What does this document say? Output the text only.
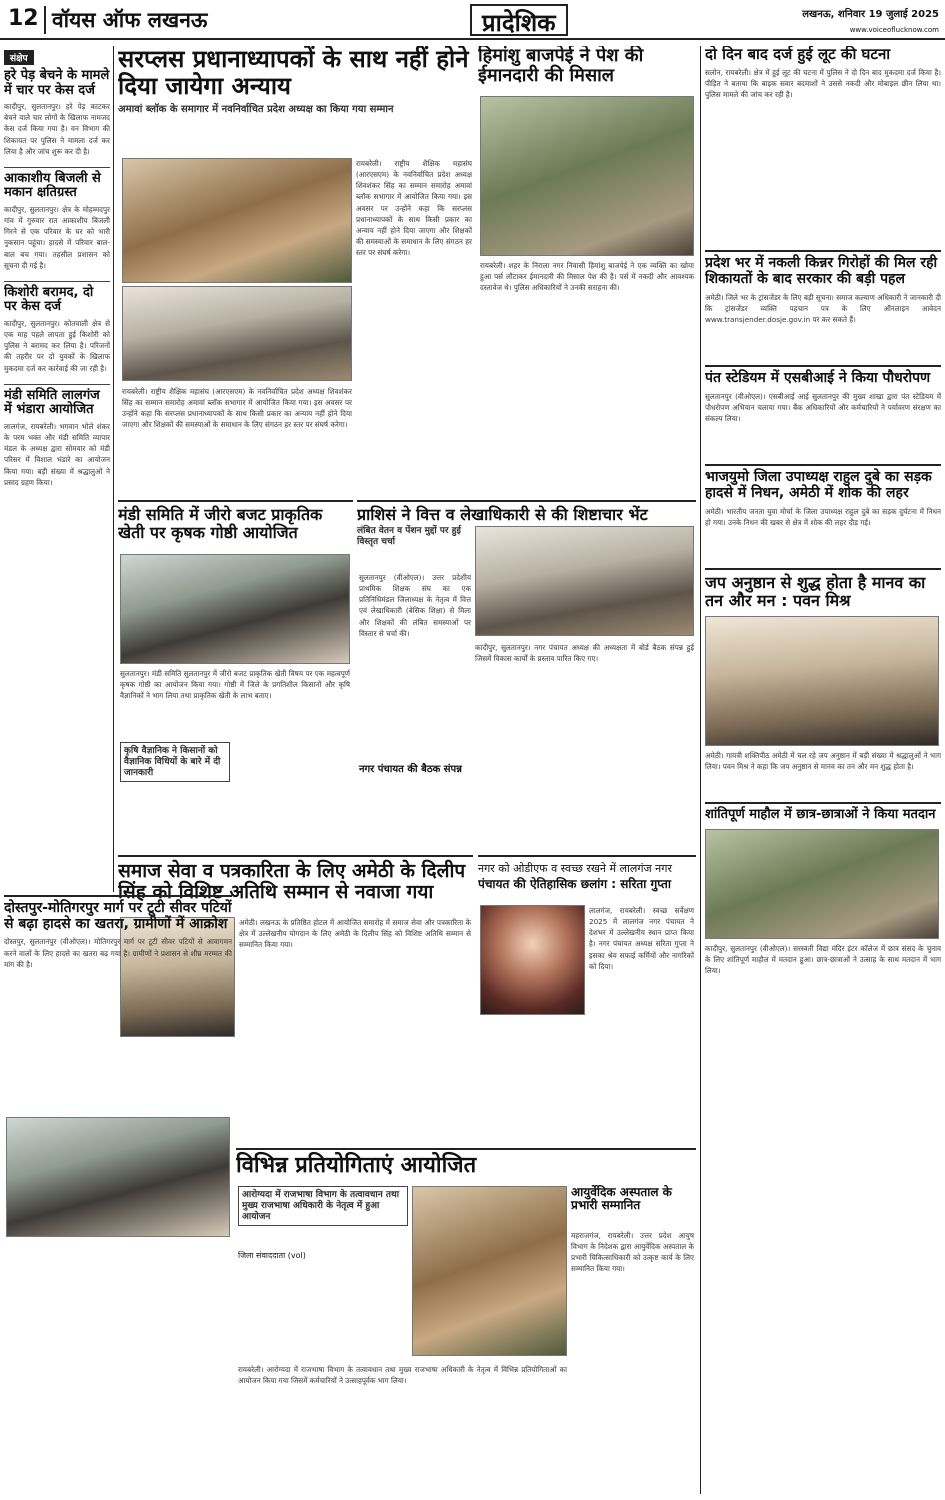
12 वॉयस ऑफ लखनऊ	प्रादेशिक	लखनऊ, शनिवार 19 जुलाई 2025
www.voiceoflucknow.com
संक्षेप
हरे पेड़ बेचने के मामले में चार पर केस दर्ज
कादीपुर, सुलतानपुर। हरे पेड़ काटकर बेचने वाले चार लोगों के खिलाफ नामजद केस दर्ज किया गया है। वन विभाग की शिकायत पर पुलिस ने मामला दर्ज कर लिया है और जांच शुरू कर दी है।
आकाशीय बिजली से मकान क्षतिग्रस्त
कादीपुर, सुलतानपुर। क्षेत्र के मोहम्मदपुर गांव में गुरुवार रात आकाशीय बिजली गिरने से एक परिवार के घर को भारी नुकसान पहुंचा। हादसे में परिवार बाल-बाल बच गया। तहसील प्रशासन को सूचना दी गई है।
किशोरी बरामद, दो पर केस दर्ज
कादीपुर, सुलतानपुर। कोतवाली क्षेत्र से एक माह पहले लापता हुई किशोरी को पुलिस ने बरामद कर लिया है। परिजनों की तहरीर पर दो युवकों के खिलाफ मुकदमा दर्ज कर कार्रवाई की जा रही है।
मंडी समिति लालगंज में भंडारा आयोजित
लालगंज, रायबरेली। भगवान भोले शंकर के परम भक्त और मंडी समिति व्यापार मंडल के अध्यक्ष द्वारा सोमवार को मंडी परिसर में विशाल भंडारे का आयोजन किया गया। बड़ी संख्या में श्रद्धालुओं ने प्रसाद ग्रहण किया।
सरप्लस प्रधानाध्यापकों के साथ नहीं होने दिया जायेगा अन्याय
अमावां ब्लॉक के समागार में नवनिर्वाचित प्रदेश अध्यक्ष का किया गया सम्मान
रायबरेली। राष्ट्रीय शैक्षिक महासंघ (आरएसएम) के नवनिर्वाचित प्रदेश अध्यक्ष शिवशंकर सिंह का सम्मान समारोह अमावां ब्लॉक सभागार में आयोजित किया गया। इस अवसर पर उन्होंने कहा कि सरप्लस प्रधानाध्यापकों के साथ किसी प्रकार का अन्याय नहीं होने दिया जाएगा और शिक्षकों की समस्याओं के समाधान के लिए संगठन हर स्तर पर संघर्ष करेगा।
रायबरेली। राष्ट्रीय शैक्षिक महासंघ (आरएसएम) के नवनिर्वाचित प्रदेश अध्यक्ष शिवशंकर सिंह का सम्मान समारोह अमावां ब्लॉक सभागार में आयोजित किया गया। इस अवसर पर उन्होंने कहा कि सरप्लस प्रधानाध्यापकों के साथ किसी प्रकार का अन्याय नहीं होने दिया जाएगा और शिक्षकों की समस्याओं के समाधान के लिए संगठन हर स्तर पर संघर्ष करेगा।
मंडी समिति में जीरो बजट प्राकृतिक खेती पर कृषक गोष्ठी आयोजित
सुलतानपुर। मंडी समिति सुलतानपुर में जीरो बजट प्राकृतिक खेती विषय पर एक महत्वपूर्ण कृषक गोष्ठी का आयोजन किया गया। गोष्ठी में जिले के प्रगतिशील किसानों और कृषि वैज्ञानिकों ने भाग लिया तथा प्राकृतिक खेती के लाभ बताए।
कृषि वैज्ञानिक ने किसानों को वैज्ञानिक विधियों के बारे में दी जानकारी
समाज सेवा व पत्रकारिता के लिए अमेठी के दिलीप सिंह को विशिष्ट अतिथि सम्मान से नवाजा गया
अमेठी। लखनऊ के प्रतिष्ठित होटल में आयोजित समारोह में समाज सेवा और पत्रकारिता के क्षेत्र में उल्लेखनीय योगदान के लिए अमेठी के दिलीप सिंह को विशिष्ट अतिथि सम्मान से सम्मानित किया गया।
हिमांशु बाजपेई ने पेश की ईमानदारी की मिसाल
रायबरेली। शहर के निराला नगर निवासी हिमांशु बाजपेई ने एक व्यक्ति का खोया हुआ पर्स लौटाकर ईमानदारी की मिसाल पेश की है। पर्स में नकदी और आवश्यक दस्तावेज थे। पुलिस अधिकारियों ने उनकी सराहना की।
प्राशिसं ने वित्त व लेखाधिकारी से की शिष्टाचार भेंट
लंबित वेतन व पेंशन मुद्दों पर हुई विस्तृत चर्चा
सुलतानपुर (वीओएल)। उत्तर प्रदेशीय प्राथमिक शिक्षक संघ का एक प्रतिनिधिमंडल जिलाध्यक्ष के नेतृत्व में वित्त एवं लेखाधिकारी (बेसिक शिक्षा) से मिला और शिक्षकों की लंबित समस्याओं पर विस्तार से चर्चा की।
नगर पंचायत की बैठक संपन्न
कादीपुर, सुलतानपुर। नगर पंचायत अध्यक्ष की अध्यक्षता में बोर्ड बैठक संपन्न हुई जिसमें विकास कार्यों के प्रस्ताव पारित किए गए।
नगर को ओडीएफ व स्वच्छ रखने में लालगंज नगर
पंचायत की ऐतिहासिक छलांग : सरिता गुप्ता
लालगंज, रायबरेली। स्वच्छ सर्वेक्षण 2025 में लालगंज नगर पंचायत ने देशभर में उल्लेखनीय स्थान प्राप्त किया है। नगर पंचायत अध्यक्ष सरिता गुप्ता ने इसका श्रेय सफाई कर्मियों और नागरिकों को दिया।
विभिन्न प्रतियोगिताएं आयोजित
आरोग्यदा में राजभाषा विभाग के तत्वावधान तथा मुख्य राजभाषा अधिकारी के नेतृत्व में हुआ आयोजन
जिला संवाददाता (vol)
रायबरेली। आरोग्यदा में राजभाषा विभाग के तत्वावधान तथा मुख्य राजभाषा अधिकारी के नेतृत्व में विभिन्न प्रतियोगिताओं का आयोजन किया गया जिसमें कर्मचारियों ने उत्साहपूर्वक भाग लिया।
आयुर्वेदिक अस्पताल के प्रभारी सम्मानित
महराजगंज, रायबरेली। उत्तर प्रदेश आयुष विभाग के निदेशक द्वारा आयुर्वेदिक अस्पताल के प्रभारी चिकित्साधिकारी को उत्कृष्ट कार्य के लिए सम्मानित किया गया।
दोस्तपुर-मोतिगरपुर मार्ग पर टूटी सीवर पटियों से बढ़ा हादसे का खतरा, ग्रामीणों में आक्रोश
दोस्तपुर, सुलतानपुर (वीओएल)। मोतिगरपुर मार्ग पर टूटी सीवर पटियों से आवागमन करने वालों के लिए हादसे का खतरा बढ़ गया है। ग्रामीणों ने प्रशासन से शीघ्र मरम्मत की मांग की है।
दो दिन बाद दर्ज हुई लूट की घटना
सलोन, रायबरेली। क्षेत्र में हुई लूट की घटना में पुलिस ने दो दिन बाद मुकदमा दर्ज किया है। पीड़ित ने बताया कि बाइक सवार बदमाशों ने उससे नकदी और मोबाइल छीन लिया था। पुलिस मामले की जांच कर रही है।
प्रदेश भर में नकली किन्नर गिरोहों की मिल रही शिकायतों के बाद सरकार की बड़ी पहल
अमेठी। जिले भर के ट्रांसजेंडर के लिए बड़ी सूचना। समाज कल्याण अधिकारी ने जानकारी दी कि ट्रांसजेंडर व्यक्ति पहचान पत्र के लिए ऑनलाइन आवेदन www.transjender.dosje.gov.in पर कर सकते हैं।
पंत स्टेडियम में एसबीआई ने किया पौधरोपण
सुलतानपुर (वीओएल)। एसबीआई आई सुलतानपुर की मुख्य शाखा द्वारा पंत स्टेडियम में पौधरोपण अभियान चलाया गया। बैंक अधिकारियों और कर्मचारियों ने पर्यावरण संरक्षण का संकल्प लिया।
भाजयुमो जिला उपाध्यक्ष राहुल दुबे का सड़क हादसे में निधन, अमेठी में शोक की लहर
अमेठी। भारतीय जनता युवा मोर्चा के जिला उपाध्यक्ष राहुल दुबे का सड़क दुर्घटना में निधन हो गया। उनके निधन की खबर से क्षेत्र में शोक की लहर दौड़ गई।
जप अनुष्ठान से शुद्ध होता है मानव का तन और मन : पवन मिश्र
अमेठी। गायत्री शक्तिपीठ अमेठी में चल रहे जप अनुष्ठान में बड़ी संख्या में श्रद्धालुओं ने भाग लिया। पवन मिश्र ने कहा कि जप अनुष्ठान से मानव का तन और मन शुद्ध होता है।
शांतिपूर्ण माहौल में छात्र-छात्राओं ने किया मतदान
कादीपुर, सुलतानपुर (वीओएल)। सरस्वती विद्या मंदिर इंटर कॉलेज में छात्र संसद के चुनाव के लिए शांतिपूर्ण माहौल में मतदान हुआ। छात्र-छात्राओं ने उत्साह के साथ मतदान में भाग लिया।
